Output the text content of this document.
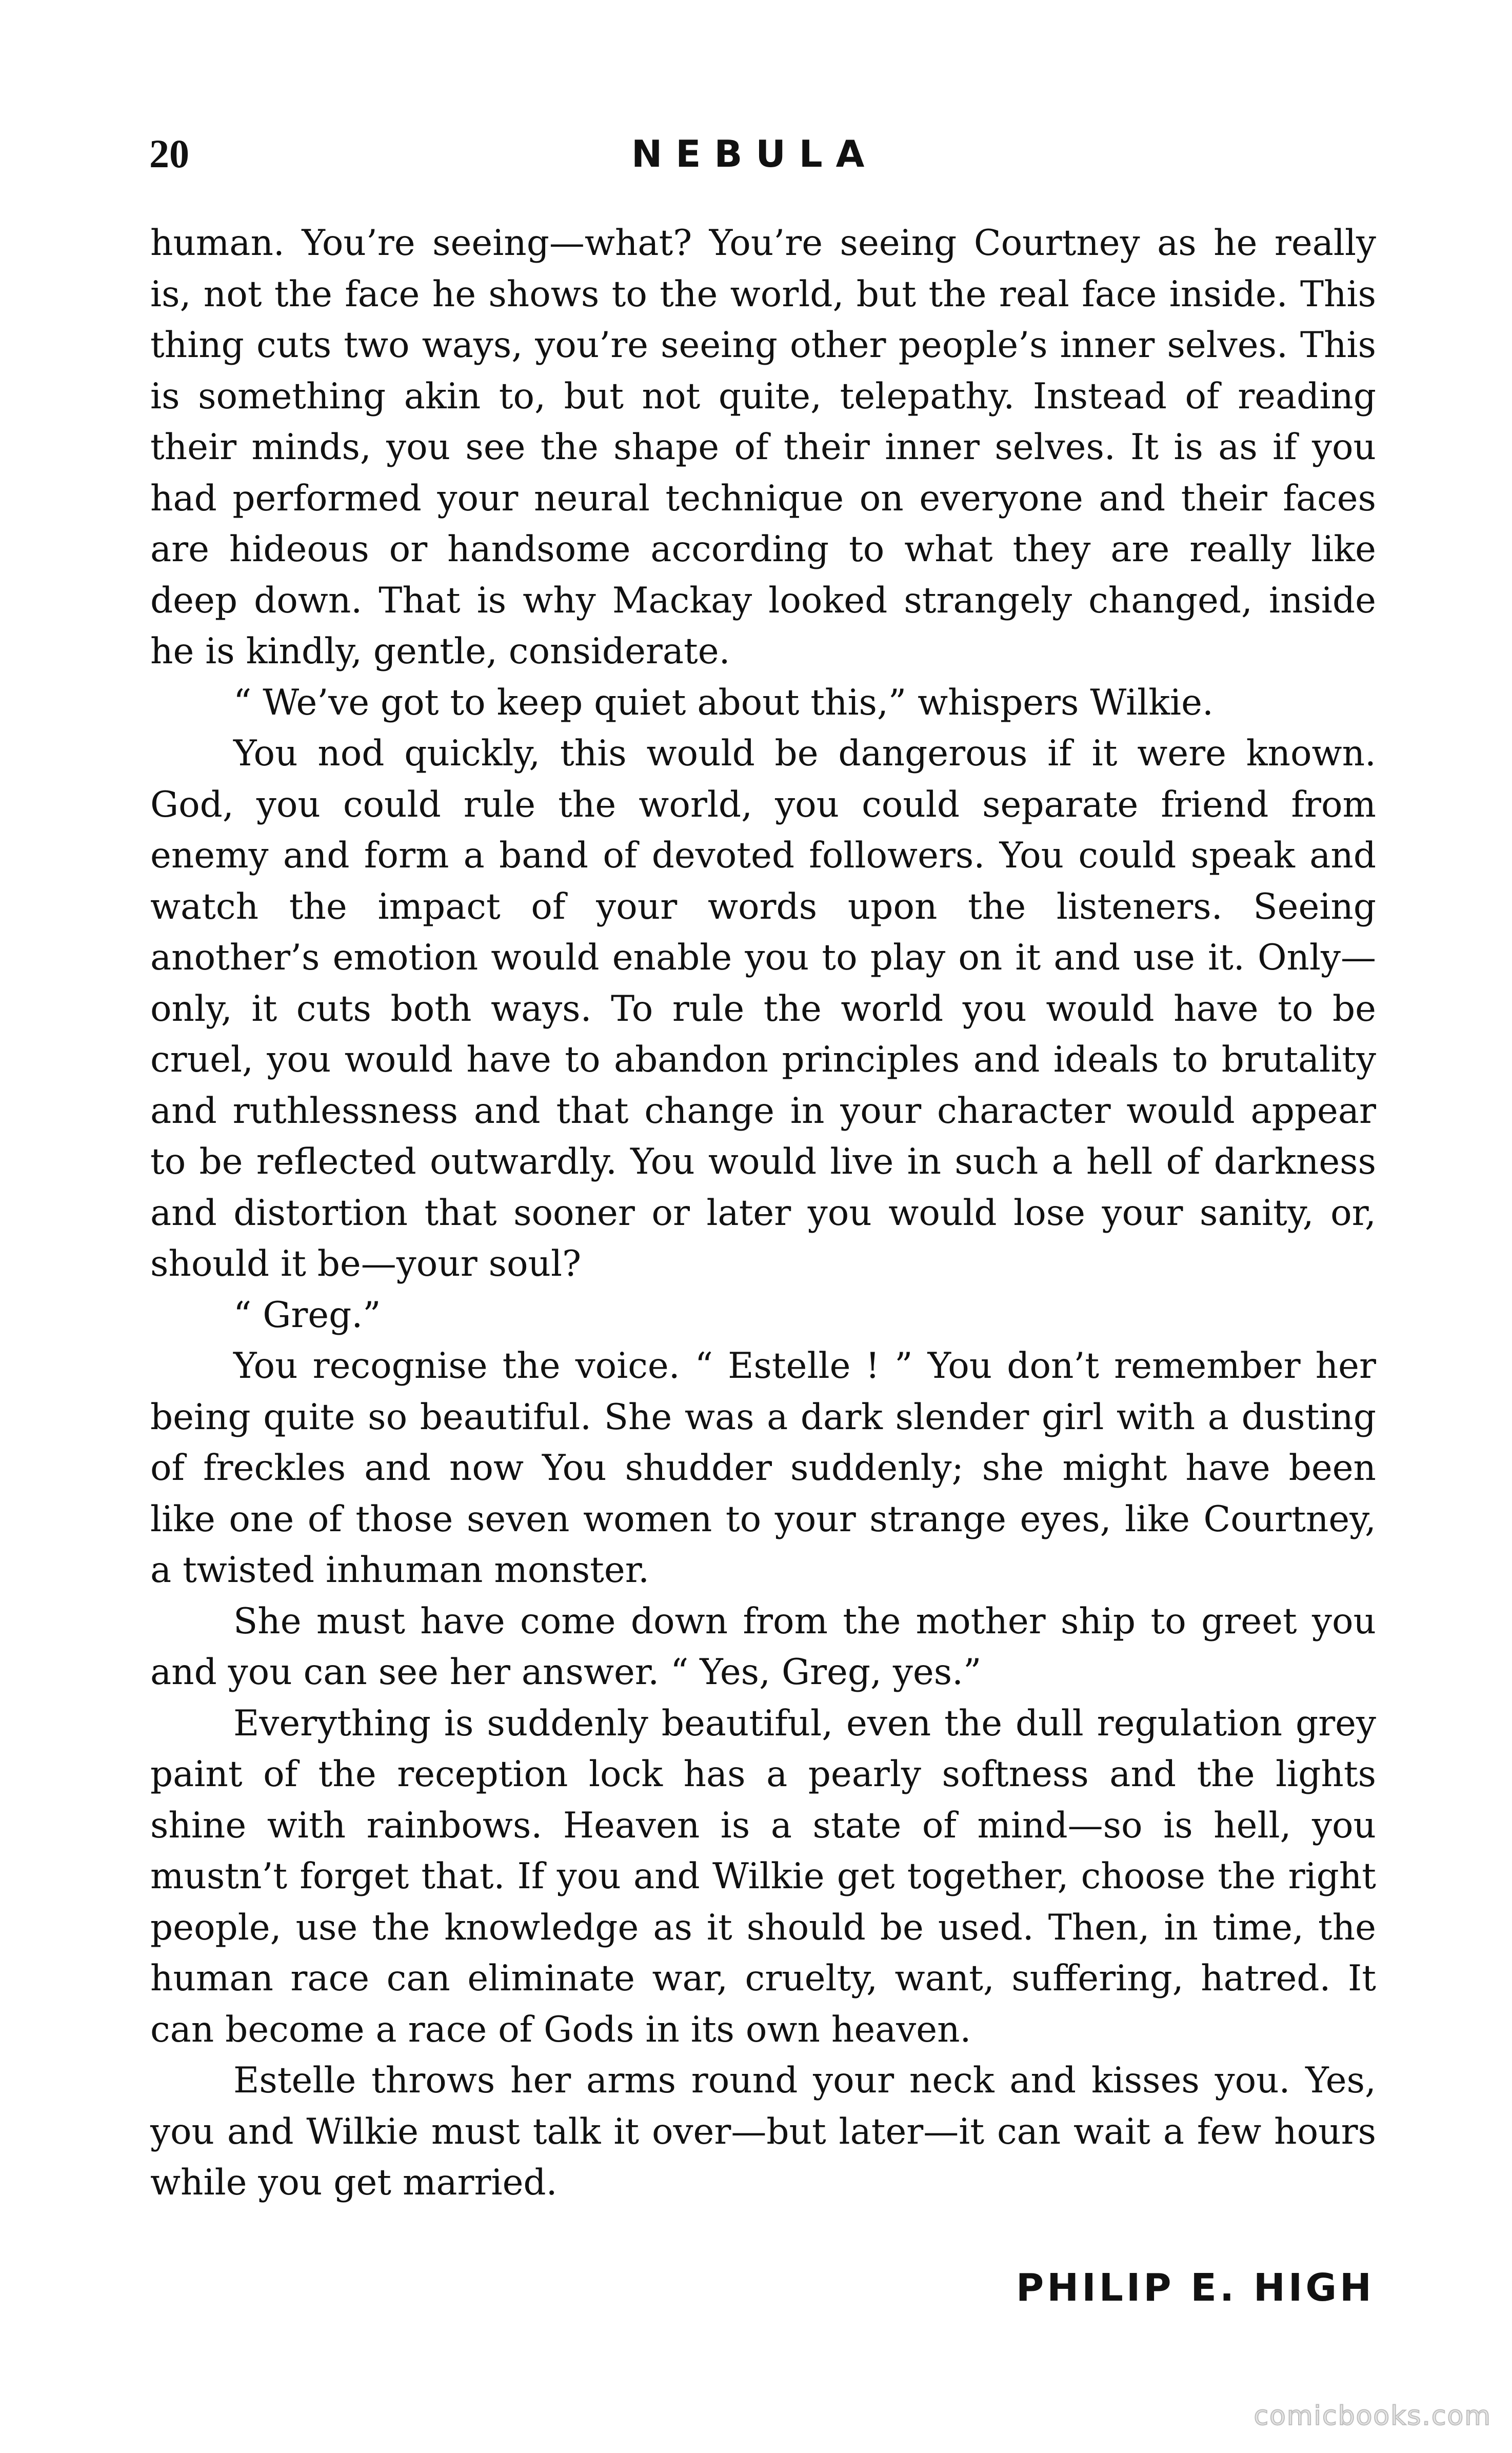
20	NEBULA

human. You’re seeing—what? You’re seeing Courtney as he really is, not the face he shows to the world, but the real face inside. This thing cuts two ways, you’re seeing other people’s inner selves. This is something akin to, but not quite, telepathy. Instead of reading their minds, you see the shape of their inner selves. It is as if you had performed your neural technique on everyone and their faces are hideous or handsome according to what they are really like deep down. That is why Mackay looked strangely changed, inside he is kindly, gentle, considerate.

“ We’ve got to keep quiet about this,” whispers Wilkie.

You nod quickly, this would be dangerous if it were known. God, you could rule the world, you could separate friend from enemy and form a band of devoted followers. You could speak and watch the impact of your words upon the listeners. Seeing another’s emotion would enable you to play on it and use it. Only—only, it cuts both ways. To rule the world you would have to be cruel, you would have to abandon principles and ideals to brutality and ruthlessness and that change in your character would appear to be reflected outwardly. You would live in such a hell of darkness and distortion that sooner or later you would lose your sanity, or, should it be—your soul?

“ Greg.”

You recognise the voice. “ Estelle ! ” You don’t remember her being quite so beautiful. She was a dark slender girl with a dusting of freckles and now You shudder suddenly; she might have been like one of those seven women to your strange eyes, like Courtney, a twisted inhuman monster.

She must have come down from the mother ship to greet you and you can see her answer. “ Yes, Greg, yes.”

Everything is suddenly beautiful, even the dull regulation grey paint of the reception lock has a pearly softness and the lights shine with rainbows. Heaven is a state of mind—so is hell, you mustn’t forget that. If you and Wilkie get together, choose the right people, use the knowledge as it should be used. Then, in time, the human race can eliminate war, cruelty, want, suffering, hatred. It can become a race of Gods in its own heaven.

Estelle throws her arms round your neck and kisses you. Yes, you and Wilkie must talk it over—but later—it can wait a few hours while you get married.

PHILIP E. HIGH
comicbooks.com
